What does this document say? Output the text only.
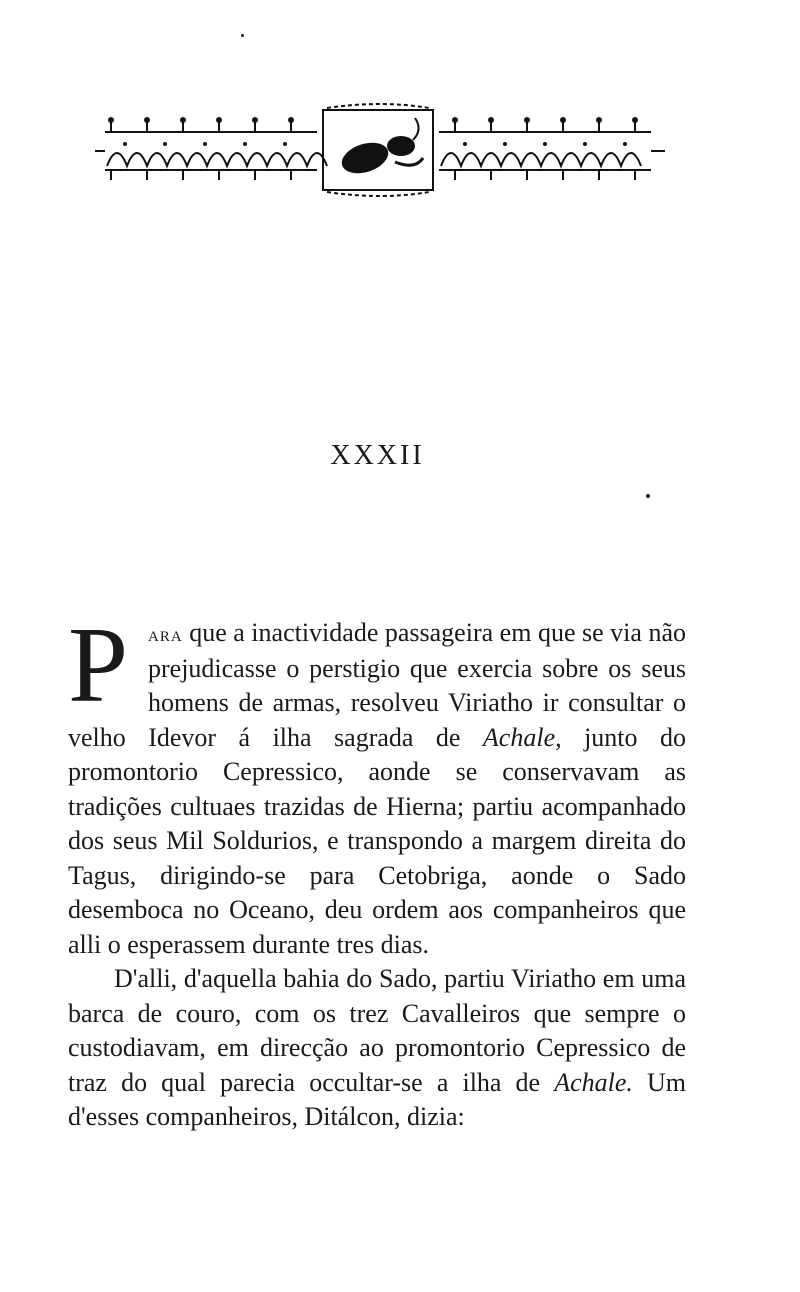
XXXII

P ara que a inactividade passageira em que se via não prejudicasse o perstigio que exercia sobre os seus homens de armas, resolveu Viriatho ir consultar o velho Idevor á ilha sagrada de Achale, junto do promontorio Cepressico, aonde se conservavam as tradições cultuaes trazidas de Hierna; partiu acompanhado dos seus Mil Soldurios, e transpondo a margem direita do Tagus, dirigindo-se para Cetobriga, aonde o Sado desemboca no Oceano, deu ordem aos companheiros que alli o esperassem durante tres dias.

D'alli, d'aquella bahia do Sado, partiu Viriatho em uma barca de couro, com os trez Cavalleiros que sempre o custodiavam, em direcção ao promontorio Cepressico de traz do qual parecia occultar-se a ilha de Achale. Um d'esses companheiros, Ditálcon, dizia:
